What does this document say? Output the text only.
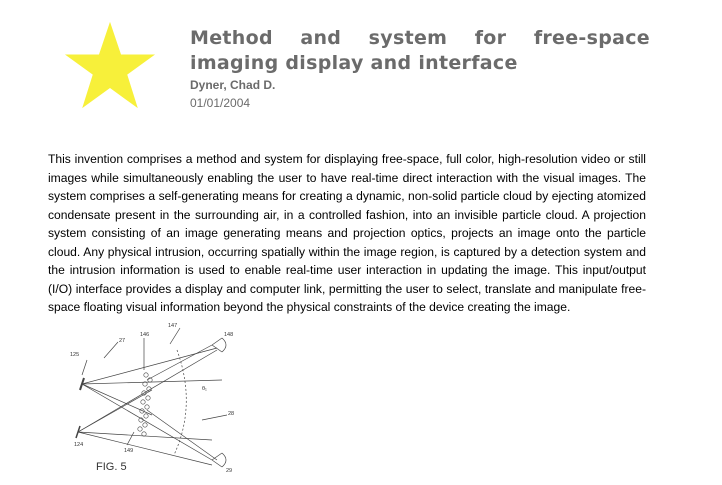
Method and system for free-space imaging display and interface
Dyner, Chad D.
01/01/2004
This invention comprises a method and system for displaying free-space, full color, high-resolution video or still images while simultaneously enabling the user to have real-time direct interaction with the visual images. The system comprises a self-generating means for creating a dynamic, non-solid particle cloud by ejecting atomized condensate present in the surrounding air, in a controlled fashion, into an invisible particle cloud. A projection system consisting of an image generating means and projection optics, projects an image onto the particle cloud. Any physical intrusion, occurring spatially within the image region, is captured by a detection system and the intrusion information is used to enable real-time user interaction in updating the image. This input/output (I/O) interface provides a display and computer link, permitting the user to select, translate and manipulate free-space floating visual information beyond the physical constraints of the device creating the image.
147
27
146	148
125
θ₁
28
124
149
29
FIG. 5
